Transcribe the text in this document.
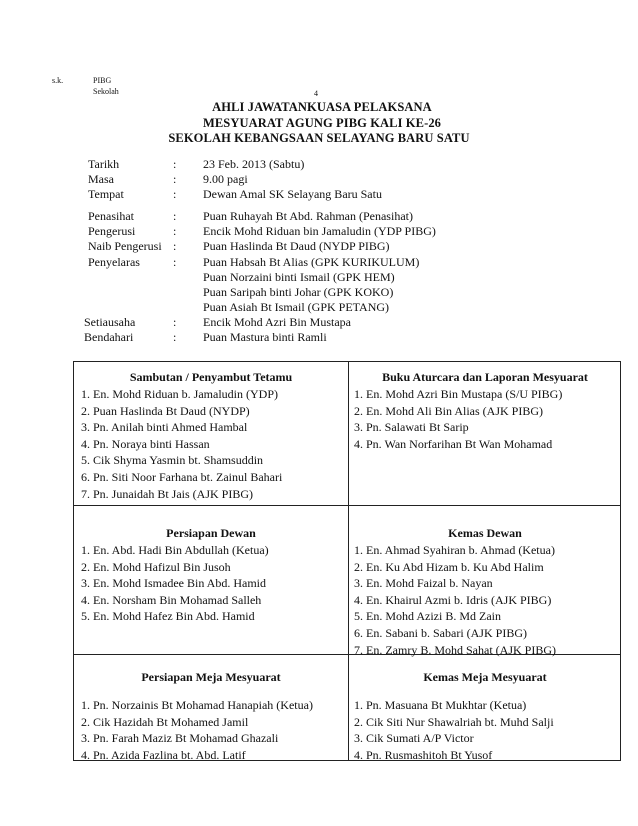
s.k.	PIBG
Sekolah	4
AHLI JAWATANKUASA PELAKSANA
MESYUARAT AGUNG PIBG KALI KE-26
SEKOLAH KEBANGSAAN SELAYANG BARU SATU
Tarikh	:	23 Feb. 2013 (Sabtu)
Masa	:	9.00 pagi
Tempat	:	Dewan Amal SK Selayang Baru Satu
Penasihat	:	Puan Ruhayah Bt Abd. Rahman (Penasihat)
Pengerusi	:	Encik Mohd Riduan bin Jamaludin (YDP PIBG)
Naib Pengerusi :	Puan Haslinda Bt Daud (NYDP PIBG)
Penyelaras	:	Puan Habsah Bt Alias (GPK KURIKULUM)
Puan Norzaini binti Ismail (GPK HEM)
Puan Saripah binti Johar (GPK KOKO)
Puan Asiah Bt Ismail (GPK PETANG)
Setiausaha	:	Encik Mohd Azri Bin Mustapa
Bendahari	:	Puan Mastura binti Ramli
Sambutan / Penyambut Tetamu
1. En. Mohd Riduan b. Jamaludin (YDP)
2. Puan Haslinda Bt Daud (NYDP)
3. Pn. Anilah binti Ahmed Hambal
4. Pn. Noraya binti Hassan
5. Cik Shyma Yasmin bt. Shamsuddin
6. Pn. Siti Noor Farhana bt. Zainul Bahari
7. Pn. Junaidah Bt Jais (AJK PIBG)
Buku Aturcara dan Laporan Mesyuarat
1. En. Mohd Azri Bin Mustapa (S/U PIBG)
2. En. Mohd Ali Bin Alias (AJK PIBG)
3. Pn. Salawati Bt Sarip
4. Pn. Wan Norfarihan Bt Wan Mohamad
Persiapan Dewan
1. En. Abd. Hadi Bin Abdullah (Ketua)
2. En. Mohd Hafizul Bin Jusoh
3. En. Mohd Ismadee Bin Abd. Hamid
4. En. Norsham Bin Mohamad Salleh
5. En. Mohd Hafez Bin Abd. Hamid
Kemas Dewan
1. En. Ahmad Syahiran b. Ahmad (Ketua)
2. En. Ku Abd Hizam b. Ku Abd Halim
3. En. Mohd Faizal b. Nayan
4. En. Khairul Azmi b. Idris (AJK PIBG)
5. En. Mohd Azizi B. Md Zain
6. En. Sabani b. Sabari (AJK PIBG)
7. En. Zamry B. Mohd Sahat (AJK PIBG)
Persiapan Meja Mesyuarat
1. Pn. Norzainis Bt Mohamad Hanapiah (Ketua)
2. Cik Hazidah Bt Mohamed Jamil
3. Pn. Farah Maziz Bt Mohamad Ghazali
4. Pn. Azida Fazlina bt. Abd. Latif
Kemas Meja Mesyuarat
1. Pn. Masuana Bt Mukhtar (Ketua)
2. Cik Siti Nur Shawalriah bt. Muhd Salji
3. Cik Sumati A/P Victor
4. Pn. Rusmashitoh Bt Yusof
